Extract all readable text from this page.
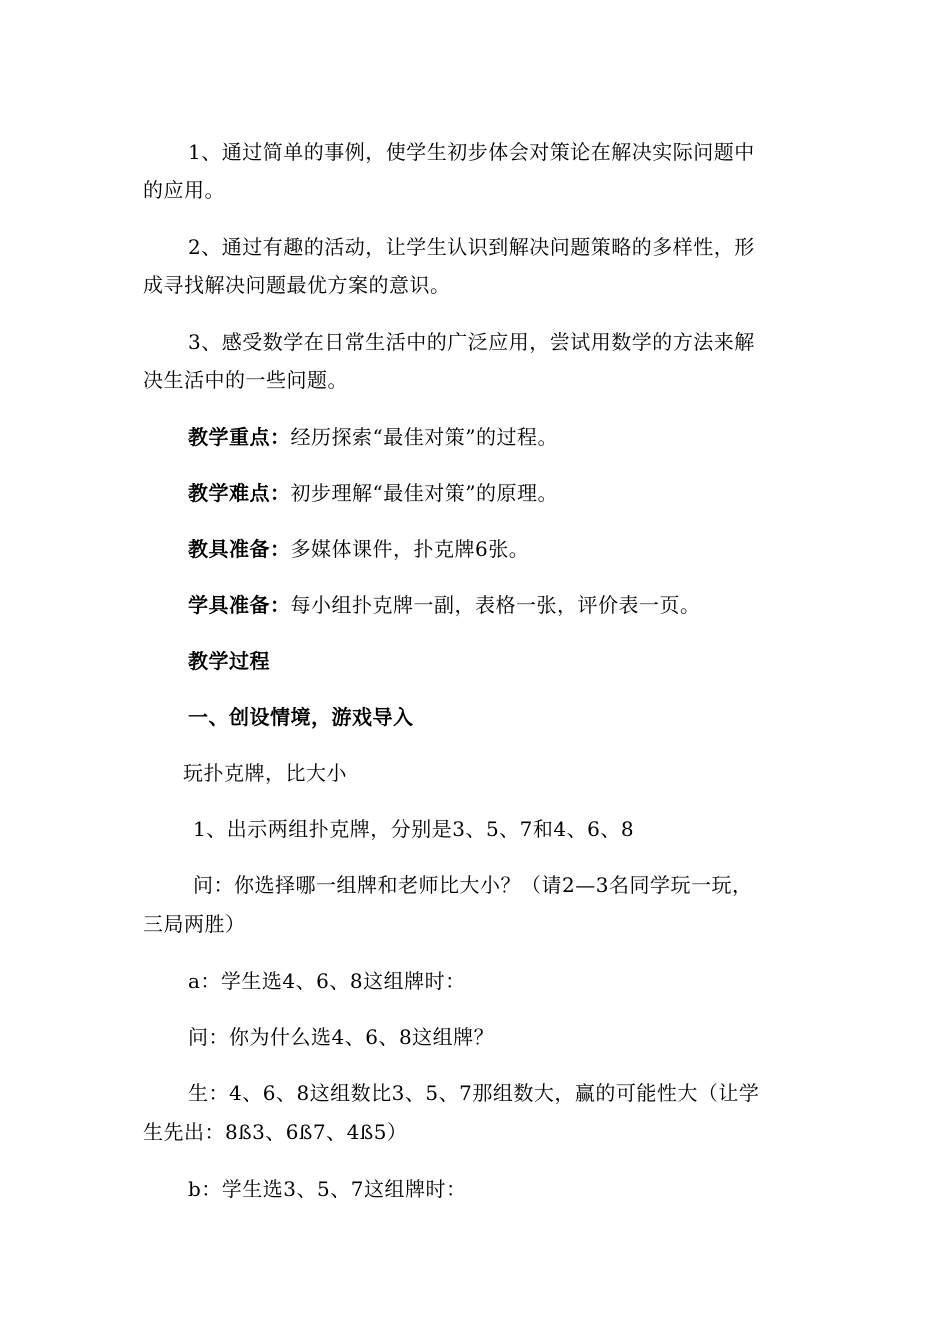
1、通过简单的事例，使学生初步体会对策论在解决实际问题中
的应用。
2、通过有趣的活动，让学生认识到解决问题策略的多样性，形
成寻找解决问题最优方案的意识。
3、感受数学在日常生活中的广泛应用，尝试用数学的方法来解
决生活中的一些问题。
教学重点：经历探索“最佳对策”的过程。
教学难点：初步理解“最佳对策”的原理。
教具准备：多媒体课件，扑克牌6张。
学具准备：每小组扑克牌一副，表格一张，评价表一页。
教学过程
一、创设情境，游戏导入
玩扑克牌，比大小
1、出示两组扑克牌，分别是3、5、7和4、6、8
问：你选择哪一组牌和老师比大小？（请2—3名同学玩一玩，
三局两胜）
a：学生选4、6、8这组牌时：
问：你为什么选4、6、8这组牌？
生：4、6、8这组数比3、5、7那组数大，赢的可能性大（让学
生先出：8ß3、6ß7、4ß5）
b：学生选3、5、7这组牌时：
